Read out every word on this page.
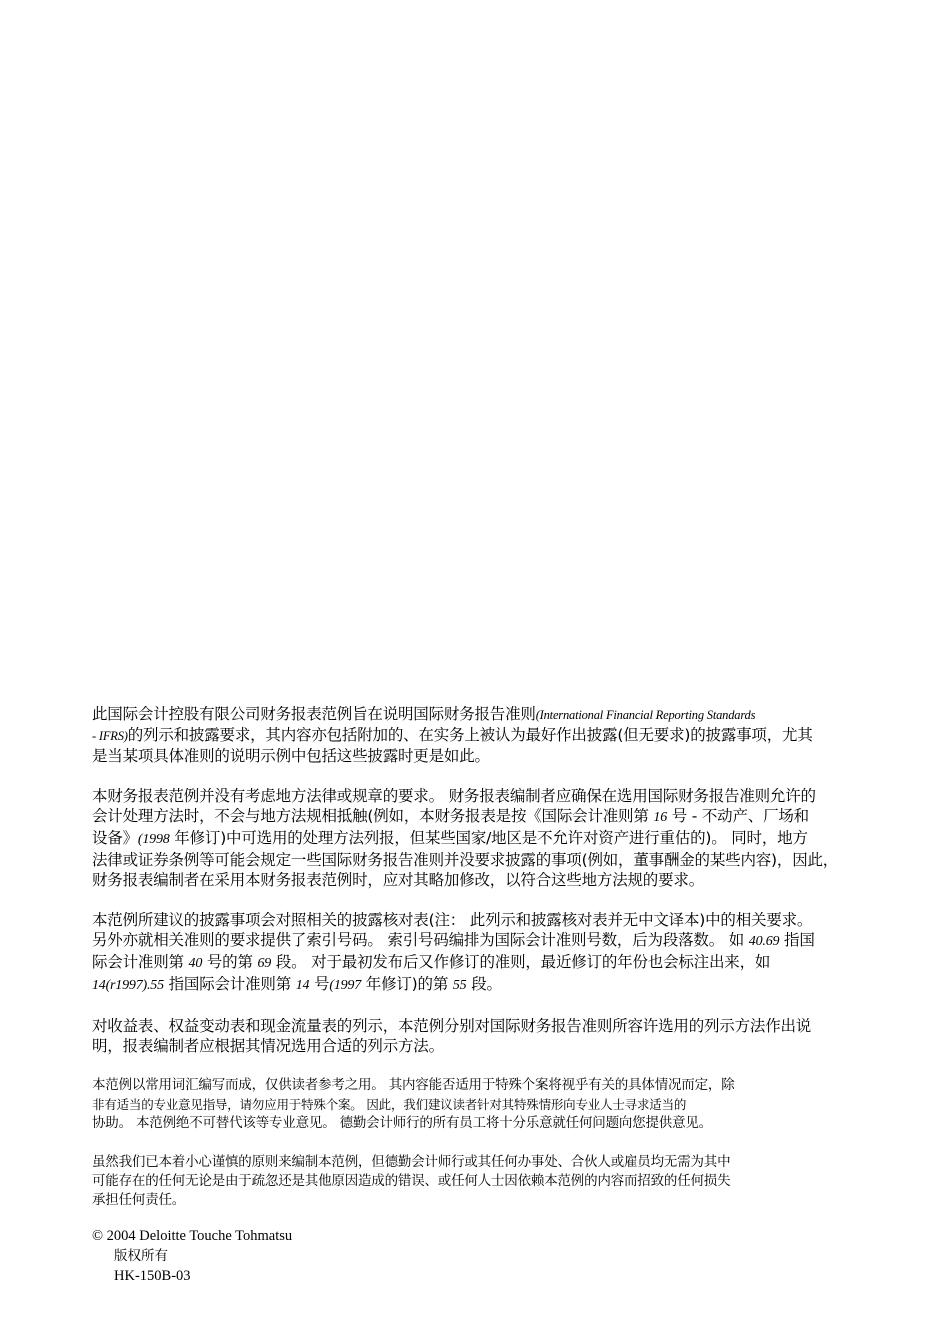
此国际会计控股有限公司财务报表范例旨在说明国际财务报告准则(International Financial Reporting Standards
- IFRS)的列示和披露要求，其内容亦包括附加的、在实务上被认为最好作出披露(但无要求)的披露事项，尤其
是当某项具体准则的说明示例中包括这些披露时更是如此。
本财务报表范例并没有考虑地方法律或规章的要求。 财务报表编制者应确保在选用国际财务报告准则允许的
会计处理方法时，不会与地方法规相抵触(例如，本财务报表是按《国际会计准则第 16 号 - 不动产、厂场和
设备》(1998 年修订)中可选用的处理方法列报，但某些国家/地区是不允许对资产进行重估的)。 同时，地方
法律或证券条例等可能会规定一些国际财务报告准则并没要求披露的事项(例如，董事酬金的某些内容)，因此，
财务报表编制者在采用本财务报表范例时，应对其略加修改，以符合这些地方法规的要求。
本范例所建议的披露事项会对照相关的披露核对表(注： 此列示和披露核对表并无中文译本)中的相关要求。
另外亦就相关准则的要求提供了索引号码。 索引号码编排为国际会计准则号数，后为段落数。 如 40.69 指国
际会计准则第 40 号的第 69 段。 对于最初发布后又作修订的准则，最近修订的年份也会标注出来，如
14(r1997).55 指国际会计准则第 14 号(1997 年修订)的第 55 段。
对收益表、权益变动表和现金流量表的列示，本范例分别对国际财务报告准则所容许选用的列示方法作出说
明，报表编制者应根据其情况选用合适的列示方法。
本范例以常用词汇编写而成，仅供读者参考之用。 其内容能否适用于特殊个案将视乎有关的具体情况而定，除
非有适当的专业意见指导，请勿应用于特殊个案。 因此，我们建议读者针对其特殊情形向专业人士寻求适当的
协助。 本范例绝不可替代该等专业意见。 德勤会计师行的所有员工将十分乐意就任何问题向您提供意见。
虽然我们已本着小心谨慎的原则来编制本范例，但德勤会计师行或其任何办事处、合伙人或雇员均无需为其中
可能存在的任何无论是由于疏忽还是其他原因造成的错误、或任何人士因依赖本范例的内容而招致的任何损失
承担任何责任。
© 2004 Deloitte Touche Tohmatsu
版权所有
HK-150B-03
